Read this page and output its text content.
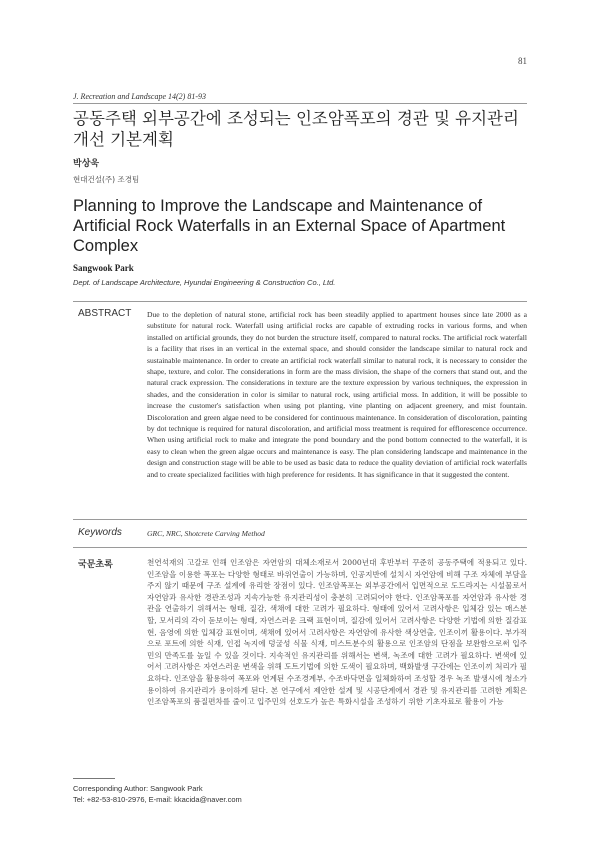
81
J. Recreation and Landscape 14(2) 81-93
공동주택 외부공간에 조성되는 인조암폭포의 경관 및 유지관리 개선 기본계획
박상욱
현대건설(주) 조경팀
Planning to Improve the Landscape and Maintenance of Artificial Rock Waterfalls in an External Space of Apartment Complex
Sangwook Park
Dept. of Landscape Architecture, Hyundai Engineering & Construction Co., Ltd.
ABSTRACT Due to the depletion of natural stone, artificial rock has been steadily applied to apartment houses since late 2000 as a substitute for natural rock. Waterfall using artificial rocks are capable of extruding rocks in various forms, and when installed on artificial grounds, they do not burden the structure itself, compared to natural rocks. The artificial rock waterfall is a facility that rises in an vertical in the external space, and should consider the landscape similar to natural rock and sustainable maintenance. In order to create an artificial rock waterfall similar to natural rock, it is necessary to consider the shape, texture, and color. The considerations in form are the mass division, the shape of the corners that stand out, and the natural crack expression. The considerations in texture are the texture expression by various techniques, the expression in shades, and the consideration in color is similar to natural rock, using artificial moss. In addition, it will be possible to increase the customer's satisfaction when using pot planting, vine planting on adjacent greenery, and mist fountain. Discoloration and green algae need to be considered for continuous maintenance. In consideration of discoloration, painting by dot technique is required for natural discoloration, and artificial moss treatment is required for efflorescence occurrence. When using artificial rock to make and integrate the pond boundary and the pond bottom connected to the waterfall, it is easy to clean when the green algae occurs and maintenance is easy. The plan considering landscape and maintenance in the design and construction stage will be able to be used as basic data to reduce the quality deviation of artificial rock waterfalls and to create specialized facilities with high preference for residents. It has significance in that it suggested the content.
Keywords	GRC, NRC, Shotcrete Carving Method
국문초록	천연석재의 고갈로 인해 인조암은 자연암의 대체소재로서 2000년대 후반부터 꾸준히 공동주택에 적용되고 있다. 인조암을 이용한 폭포는 다양한 형태로 바위연출이 가능하며, 인공지반에 설치시 자연암에 비해 구조 자체에 부담을 주지 않기 때문에 구조 설계에 유리한 장점이 있다. 인조암폭포는 외부공간에서 입면적으로 도드라지는 시설물로서 자연암과 유사한 경관조성과 지속가능한 유지관리성이 충분히 고려되어야 한다. 인조암폭포를 자연암과 유사한 경관을 연출하기 위해서는 형태, 질감, 색채에 대한 고려가 필요하다. 형태에 있어서 고려사항은 입체감 있는 매스분할, 모서리의 각이 돋보이는 형태, 자연스러운 크랙 표현이며, 질감에 있어서 고려사항은 다양한 기법에 의한 질감표현, 음영에 의한 입체감 표현이며, 색채에 있어서 고려사항은 자연암에 유사한 색상연출, 인조이끼 활용이다. 부가적으로 포트에 의한 식재, 인접 녹지에 덩굴성 식물 식재, 미스트분수의 활용으로 인조암의 단점을 보완함으로써 입주민의 만족도를 높일 수 있을 것이다. 지속적인 유지관리를 위해서는 변색, 녹조에 대한 고려가 필요하다. 변색에 있어서 고려사항은 자연스러운 변색을 위해 도트기법에 의한 도색이 필요하며, 백화발생 구간에는 인조이끼 처리가 필요하다. 인조암을 활용하여 폭포와 연계된 수조경계부, 수조바닥면을 일체화하여 조성할 경우 녹조 발생시에 청소가 용이하여 유지관리가 용이하게 된다. 본 연구에서 제안한 설계 및 시공단계에서 경관 및 유지관리를 고려한 계획은 인조암폭포의 품질편차를 줄이고 입주민의 선호도가 높은 특화시설을 조성하기 위한 기초자료로 활용이 가능
Corresponding Author: Sangwook Park
Tel: +82-53-810-2976, E-mail: kkacida@naver.com
